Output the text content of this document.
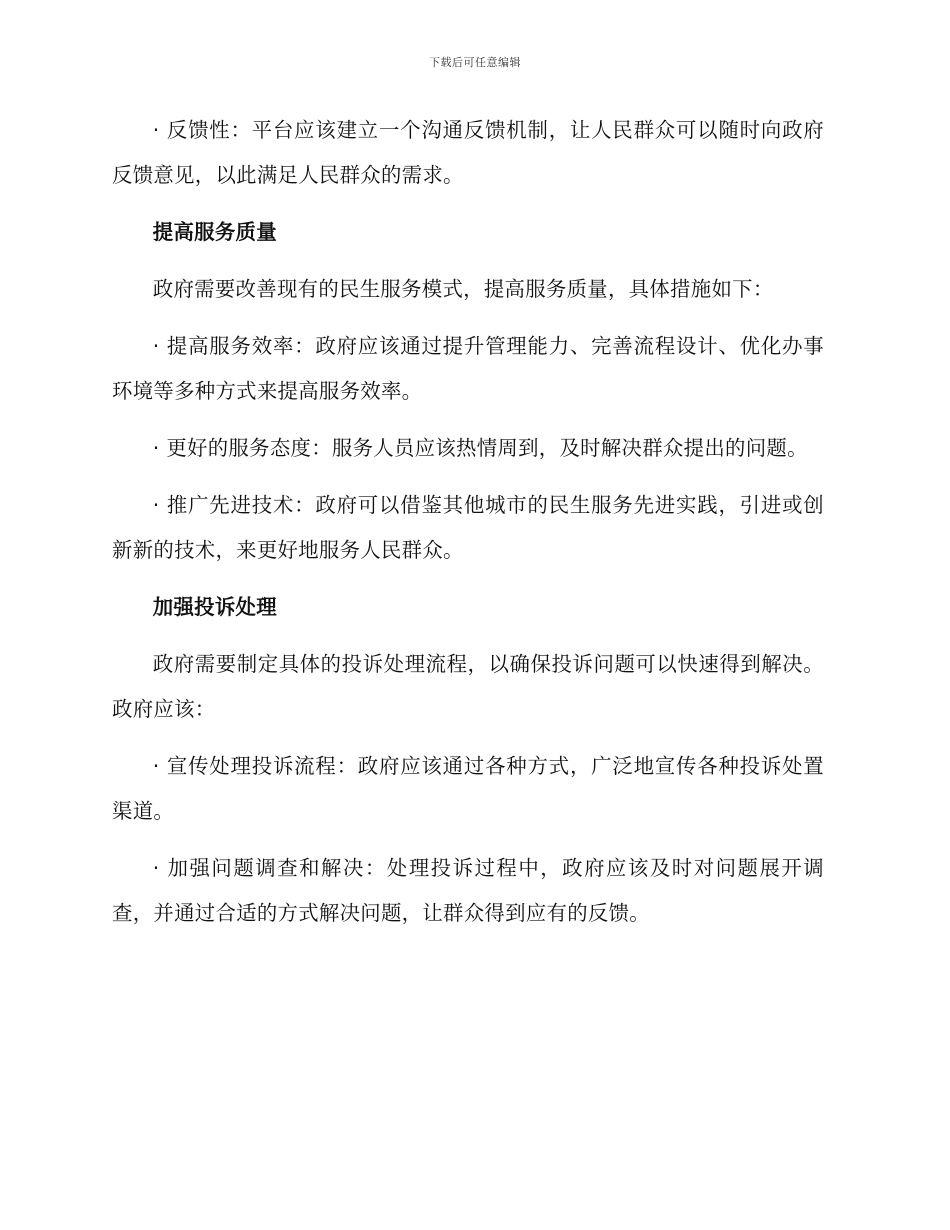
下载后可任意编辑

· 反馈性：平台应该建立一个沟通反馈机制，让人民群众可以随时向政府反馈意见，以此满足人民群众的需求。

提高服务质量

政府需要改善现有的民生服务模式，提高服务质量，具体措施如下：

· 提高服务效率：政府应该通过提升管理能力、完善流程设计、优化办事环境等多种方式来提高服务效率。

· 更好的服务态度：服务人员应该热情周到，及时解决群众提出的问题。

· 推广先进技术：政府可以借鉴其他城市的民生服务先进实践，引进或创新新的技术，来更好地服务人民群众。

加强投诉处理

政府需要制定具体的投诉处理流程，以确保投诉问题可以快速得到解决。政府应该：

· 宣传处理投诉流程：政府应该通过各种方式，广泛地宣传各种投诉处置渠道。

· 加强问题调查和解决：处理投诉过程中，政府应该及时对问题展开调查，并通过合适的方式解决问题，让群众得到应有的反馈。
